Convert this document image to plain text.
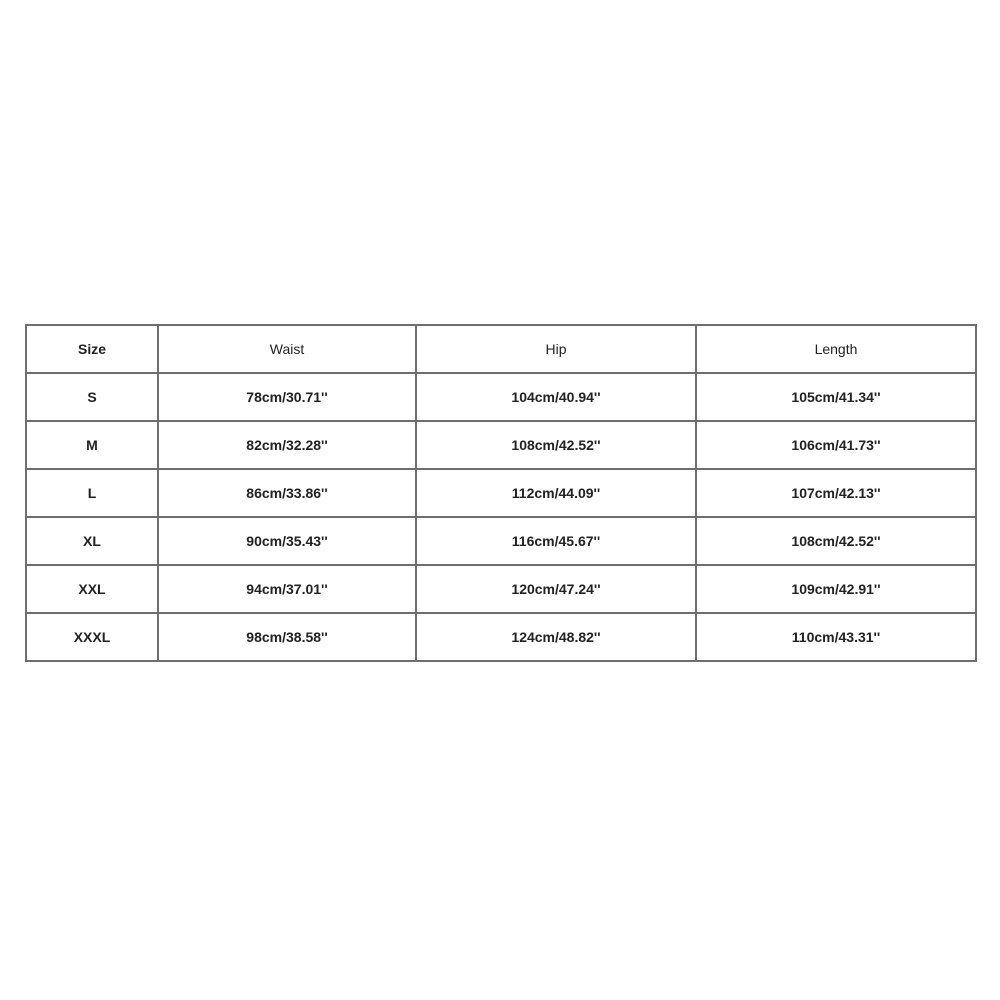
Size	Waist	Hip	Length
S	78cm/30.71''	104cm/40.94''	105cm/41.34''
M	82cm/32.28''	108cm/42.52''	106cm/41.73''
L	86cm/33.86''	112cm/44.09''	107cm/42.13''
XL	90cm/35.43''	116cm/45.67''	108cm/42.52''
XXL	94cm/37.01''	120cm/47.24''	109cm/42.91''
XXXL	98cm/38.58''	124cm/48.82''	110cm/43.31''
